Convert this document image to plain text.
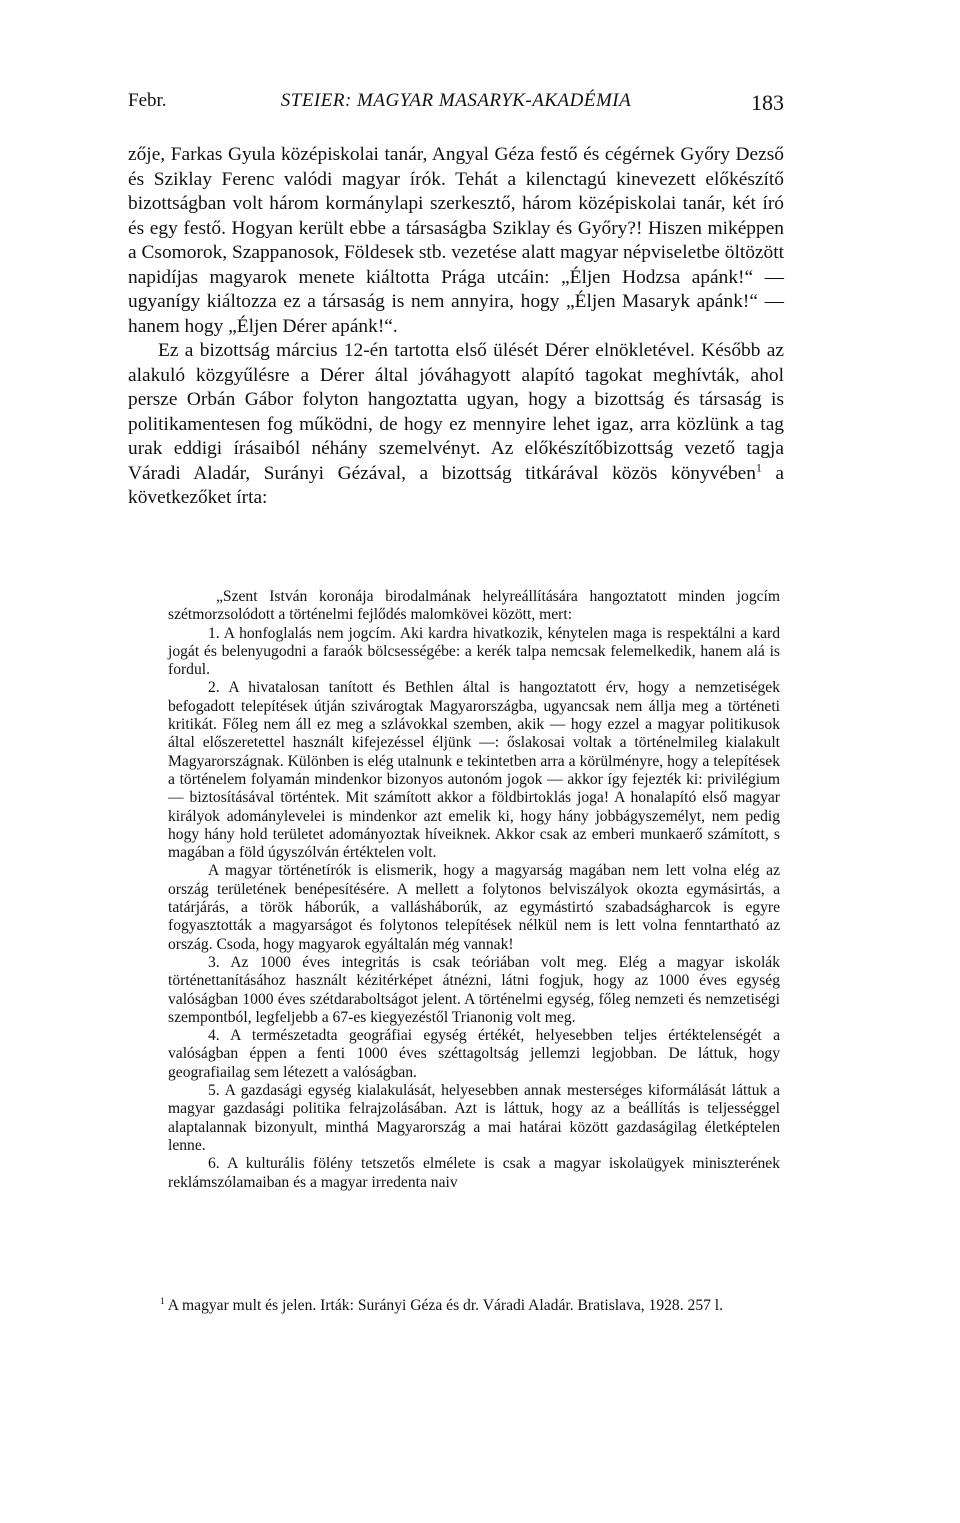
Febr.	STEIER: MAGYAR MASARYK-AKADÉMIA	183

zője, Farkas Gyula középiskolai tanár, Angyal Géza festő és cégérnek Győry Dezső és Sziklay Ferenc valódi magyar írók. Tehát a kilenctagú kinevezett előkészítő bizottságban volt három kormánylapi szerkesztő, három középiskolai tanár, két író és egy festő. Hogyan került ebbe a társaságba Sziklay és Győry?! Hiszen miképpen a Csomorok, Szappanosok, Földesek stb. vezetése alatt magyar népviseletbe öltözött napidíjas magyarok menete kiáltotta Prága utcáin: „Éljen Hodzsa apánk!“ — ugyanígy kiáltozza ez a társaság is nem annyira, hogy „Éljen Masaryk apánk!“ — hanem hogy „Éljen Dérer apánk!“.

Ez a bizottság március 12-én tartotta első ülését Dérer elnökletével. Később az alakuló közgyűlésre a Dérer által jóváhagyott alapító tagokat meghívták, ahol persze Orbán Gábor folyton hangoztatta ugyan, hogy a bizottság és társaság is politikamentesen fog működni, de hogy ez mennyire lehet igaz, arra közlünk a tag urak eddigi írásaiból néhány szemelvényt. Az előkészítőbizottság vezető tagja Váradi Aladár, Surányi Gézával, a bizottság titkárával közös könyvében$^1$ a következőket írta:

„Szent István koronája birodalmának helyreállítására hangoztatott minden jogcím szétmorzsolódott a történelmi fejlődés malomkövei között, mert:

1. A honfoglalás nem jogcím. Aki kardra hivatkozik, kénytelen maga is respektálni a kard jogát és belenyugodni a faraók bölcsességébe: a kerék talpa nemcsak felemelkedik, hanem alá is fordul.

2. A hivatalosan tanított és Bethlen által is hangoztatott érv, hogy a nemzetiségek befogadott telepítések útján szivárogtak Magyarországba, ugyancsak nem állja meg a történeti kritikát. Főleg nem áll ez meg a szlávokkal szemben, akik — hogy ezzel a magyar politikusok által előszeretettel használt kifejezéssel éljünk —: őslakosai voltak a történelmileg kialakult Magyarországnak. Különben is elég utalnunk e tekintetben arra a körülményre, hogy a telepítések a történelem folyamán mindenkor bizonyos autonóm jogok — akkor így fejezték ki: privilégium — biztosításával történtek. Mit számított akkor a földbirtoklás joga! A honalapító első magyar királyok adománylevelei is mindenkor azt emelik ki, hogy hány jobbágyszemélyt, nem pedig hogy hány hold területet adományoztak híveiknek. Akkor csak az emberi munkaerő számított, s magában a föld úgyszólván értéktelen volt.

A magyar történetírók is elismerik, hogy a magyarság magában nem lett volna elég az ország területének benépesítésére. A mellett a folytonos belviszályok okozta egymásirtás, a tatárjárás, a török háborúk, a vallásháborúk, az egymástirtó szabadságharcok is egyre fogyasztották a magyarságot és folytonos telepítések nélkül nem is lett volna fenntartható az ország. Csoda, hogy magyarok egyáltalán még vannak!

3. Az 1000 éves integritás is csak teóriában volt meg. Elég a magyar iskolák történettanításához használt kézitérképet átnézni, látni fogjuk, hogy az 1000 éves egység valóságban 1000 éves szétdaraboltságot jelent. A történelmi egység, főleg nemzeti és nemzetiségi szempontból, legfeljebb a 67-es kiegyezéstől Trianonig volt meg.

4. A természetadta geográfiai egység értékét, helyesebben teljes értéktelenségét a valóságban éppen a fenti 1000 éves széttagoltság jellemzi legjobban. De láttuk, hogy geografiailag sem létezett a valóságban.

5. A gazdasági egység kialakulását, helyesebben annak mesterséges kiformálását láttuk a magyar gazdasági politika felrajzolásában. Azt is láttuk, hogy az a beállítás is teljességgel alaptalannak bizonyult, minthá Magyarország a mai határai között gazdaságilag életképtelen lenne.

6. A kulturális fölény tetszetős elmélete is csak a magyar iskolaügyek miniszterének reklámszólamaiban és a magyar irredenta naiv

$^1$ A magyar mult és jelen. Irták: Surányi Géza és dr. Váradi Aladár. Bratislava, 1928. 257 l.
